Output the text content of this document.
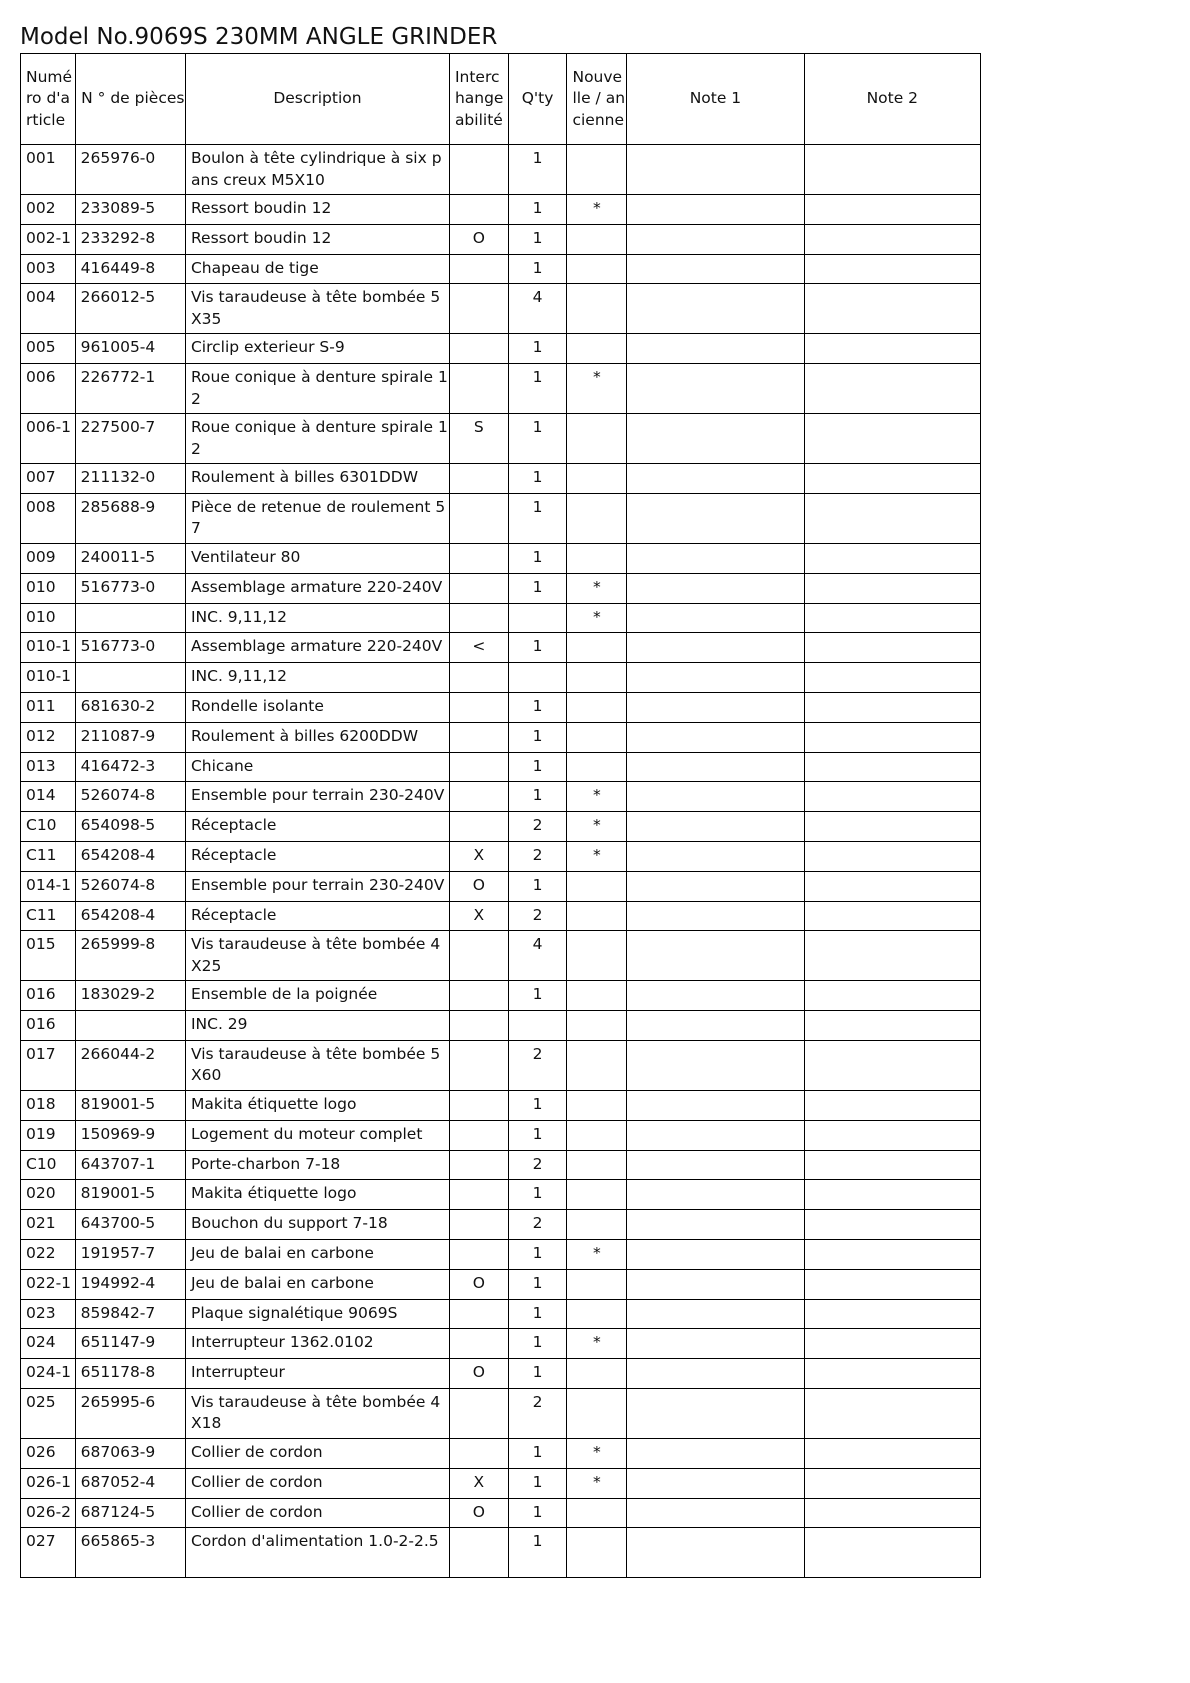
Model No.9069S 230MM ANGLE GRINDER
Numéro d'article	N ° de pièces	Description	Interchangeabilité	Q'ty	Nouvelle / ancienne	Note 1	Note 2
001	265976-0	Boulon à tête cylindrique à six pans creux M5X10		1			
002	233089-5	Ressort boudin 12		1	*		
002-1	233292-8	Ressort boudin 12	O	1			
003	416449-8	Chapeau de tige		1			
004	266012-5	Vis taraudeuse à tête bombée 5X35		4			
005	961005-4	Circlip exterieur S-9		1			
006	226772-1	Roue conique à denture spirale 12		1	*		
006-1	227500-7	Roue conique à denture spirale 12	S	1			
007	211132-0	Roulement à billes 6301DDW		1			
008	285688-9	Pièce de retenue de roulement 57		1			
009	240011-5	Ventilateur 80		1			
010	516773-0	Assemblage armature 220-240V		1	*		
010		INC. 9,11,12			*		
010-1	516773-0	Assemblage armature 220-240V	<	1			
010-1		INC. 9,11,12					
011	681630-2	Rondelle isolante		1			
012	211087-9	Roulement à billes 6200DDW		1			
013	416472-3	Chicane		1			
014	526074-8	Ensemble pour terrain 230-240V		1	*		
C10	654098-5	Réceptacle		2	*		
C11	654208-4	Réceptacle	X	2	*		
014-1	526074-8	Ensemble pour terrain 230-240V	O	1			
C11	654208-4	Réceptacle	X	2			
015	265999-8	Vis taraudeuse à tête bombée 4X25		4			
016	183029-2	Ensemble de la poignée		1			
016		INC. 29					
017	266044-2	Vis taraudeuse à tête bombée 5X60		2			
018	819001-5	Makita étiquette logo		1			
019	150969-9	Logement du moteur complet		1			
C10	643707-1	Porte-charbon 7-18		2			
020	819001-5	Makita étiquette logo		1			
021	643700-5	Bouchon du support 7-18		2			
022	191957-7	Jeu de balai en carbone		1	*		
022-1	194992-4	Jeu de balai en carbone	O	1			
023	859842-7	Plaque signalétique 9069S		1			
024	651147-9	Interrupteur 1362.0102		1	*		
024-1	651178-8	Interrupteur	O	1			
025	265995-6	Vis taraudeuse à tête bombée 4X18		2			
026	687063-9	Collier de cordon		1	*		
026-1	687052-4	Collier de cordon	X	1	*		
026-2	687124-5	Collier de cordon	O	1			
027	665865-3	Cordon d'alimentation 1.0-2-2.5		1			
